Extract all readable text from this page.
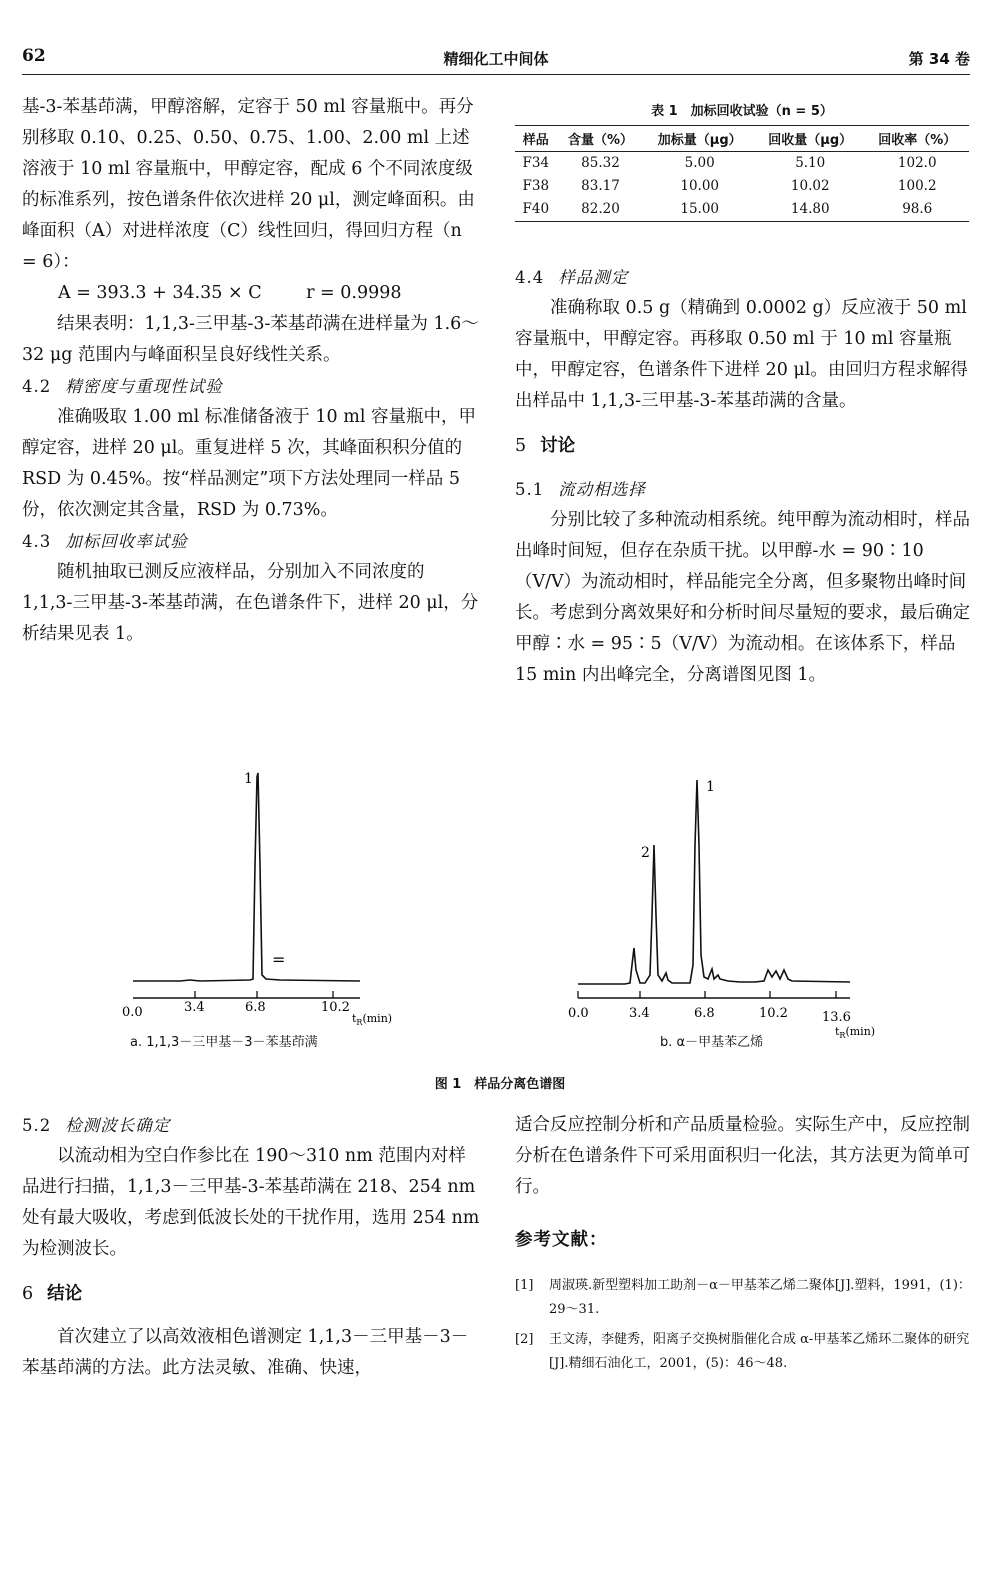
62	精细化工中间体	第 34 卷

基-3-苯基茚满，甲醇溶解，定容于 50 ml 容量瓶中。再分别移取 0.10、0.25、0.50、0.75、1.00、2.00 ml 上述溶液于 10 ml 容量瓶中，甲醇定容，配成 6 个不同浓度级的标准系列，按色谱条件依次进样 20 μl，测定峰面积。由峰面积（A）对进样浓度（C）线性回归，得回归方程（n = 6）：

A = 393.3 + 34.35 × C        r = 0.9998

结果表明：1,1,3-三甲基-3-苯基茚满在进样量为 1.6～32 μg 范围内与峰面积呈良好线性关系。

4.2 精密度与重现性试验

准确吸取 1.00 ml 标准储备液于 10 ml 容量瓶中，甲醇定容，进样 20 μl。重复进样 5 次，其峰面积积分值的 RSD 为 0.45%。按“样品测定”项下方法处理同一样品 5 份，依次测定其含量，RSD 为 0.73%。

4.3 加标回收率试验

随机抽取已测反应液样品，分别加入不同浓度的 1,1,3-三甲基-3-苯基茚满，在色谱条件下，进样 20 μl，分析结果见表 1。

表 1　加标回收试验（n = 5）
样品	含量（%）	加标量（μg）	回收量（μg）	回收率（%）
F34	85.32	5.00	5.10	102.0
F38	83.17	10.00	10.02	100.2
F40	82.20	15.00	14.80	98.6

4.4 样品测定

准确称取 0.5 g（精确到 0.0002 g）反应液于 50 ml 容量瓶中，甲醇定容。再移取 0.50 ml 于 10 ml 容量瓶中，甲醇定容，色谱条件下进样 20 μl。由回归方程求解得出样品中 1,1,3-三甲基-3-苯基茚满的含量。

5 讨论

5.1 流动相选择

分别比较了多种流动相系统。纯甲醇为流动相时，样品出峰时间短，但存在杂质干扰。以甲醇-水 = 90∶10（V/V）为流动相时，样品能完全分离，但多聚物出峰时间长。考虑到分离效果好和分析时间尽量短的要求，最后确定甲醇∶水 = 95∶5（V/V）为流动相。在该体系下，样品 15 min 内出峰完全，分离谱图见图 1。

1
=
0.0	3.4	6.8	10.2
$t_R(\min)$
1
2
0.0	3.4	6.8	10.2	13.6
$t_R(\min)$
a. 1,1,3－三甲基－3－苯基茚满	b. α－甲基苯乙烯
图 1　样品分离色谱图

5.2 检测波长确定

以流动相为空白作参比在 190～310 nm 范围内对样品进行扫描，1,1,3－三甲基-3-苯基茚满在 218、254 nm 处有最大吸收，考虑到低波长处的干扰作用，选用 254 nm 为检测波长。

6 结论

首次建立了以高效液相色谱测定 1,1,3－三甲基－3－苯基茚满的方法。此方法灵敏、准确、快速，

适合反应控制分析和产品质量检验。实际生产中，反应控制分析在色谱条件下可采用面积归一化法，其方法更为简单可行。

参考文献：

[1]	周淑瑛.新型塑料加工助剂－α－甲基苯乙烯二聚体[J].塑料，1991，(1)：29～31.
[2]	王文涛，李健秀，阳离子交换树脂催化合成 α-甲基苯乙烯环二聚体的研究[J].精细石油化工，2001，(5)：46～48.
